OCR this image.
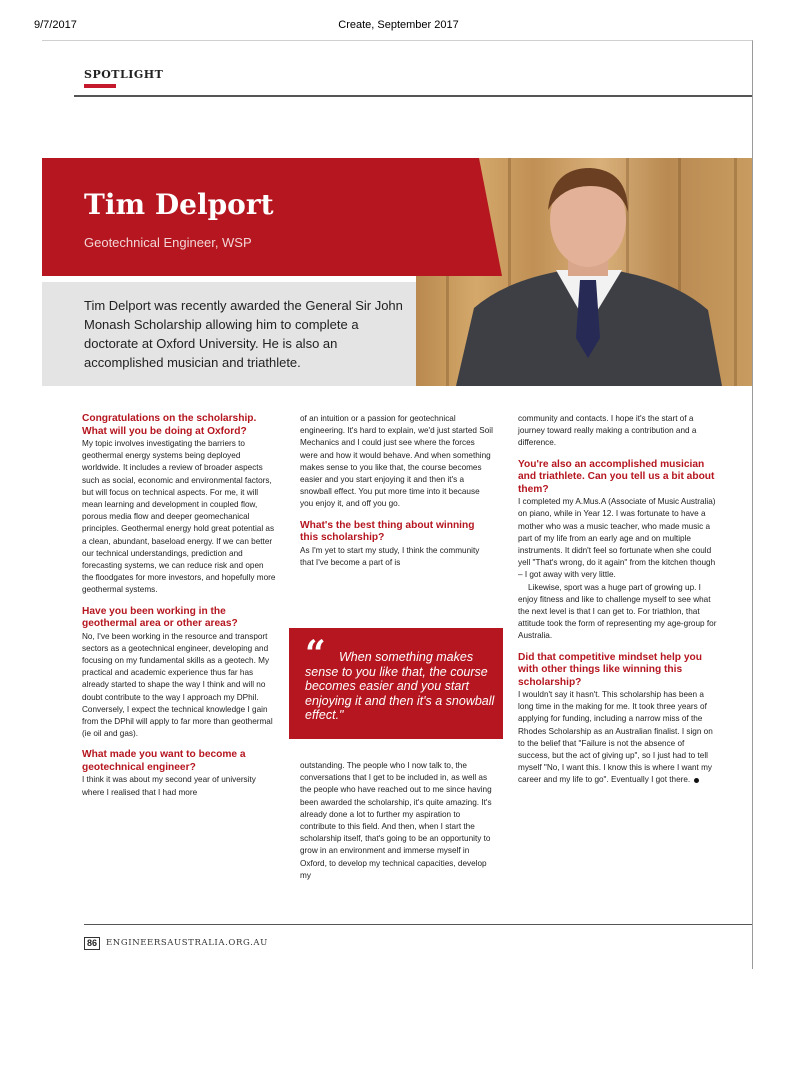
9/7/2017	Create, September 2017
SPOTLIGHT
Tim Delport
Geotechnical Engineer, WSP
Tim Delport was recently awarded the General Sir John Monash Scholarship allowing him to complete a doctorate at Oxford University. He is also an accomplished musician and triathlete.
Congratulations on the scholarship. What will you be doing at Oxford?

My topic involves investigating the barriers to geothermal energy systems being deployed worldwide. It includes a review of broader aspects such as social, economic and environmental factors, but will focus on technical aspects. For me, it will mean learning and development in coupled flow, porous media flow and deeper geomechanical principles. Geothermal energy hold great potential as a clean, abundant, baseload energy. If we can better our technical understandings, prediction and forecasting systems, we can reduce risk and open the floodgates for more investors, and hopefully more geothermal systems.

Have you been working in the geothermal area or other areas?

No, I've been working in the resource and transport sectors as a geotechnical engineer, developing and focusing on my fundamental skills as a geotech. My practical and academic experience thus far has already started to shape the way I think and will no doubt contribute to the way I approach my DPhil. Conversely, I expect the technical knowledge I gain from the DPhil will apply to far more than geothermal (ie oil and gas).

What made you want to become a geotechnical engineer?

I think it was about my second year of university where I realised that I had more

of an intuition or a passion for geotechnical engineering. It's hard to explain, we'd just started Soil Mechanics and I could just see where the forces were and how it would behave. And when something makes sense to you like that, the course becomes easier and you start enjoying it and then it's a snowball effect. You put more time into it because you enjoy it, and off you go.

What's the best thing about winning this scholarship?

As I'm yet to start my study, I think the community that I've become a part of is

“	When something makes sense to you like that, the course becomes easier and you start enjoying it and then it's a snowball effect."

outstanding. The people who I now talk to, the conversations that I get to be included in, as well as the people who have reached out to me since having been awarded the scholarship, it's quite amazing. It's already done a lot to further my aspiration to contribute to this field. And then, when I start the scholarship itself, that's going to be an opportunity to grow in an environment and immerse myself in Oxford, to develop my technical capacities, develop my

community and contacts. I hope it's the start of a journey toward really making a contribution and a difference.

You're also an accomplished musician and triathlete. Can you tell us a bit about them?

I completed my A.Mus.A (Associate of Music Australia) on piano, while in Year 12. I was fortunate to have a mother who was a music teacher, who made music a part of my life from an early age and on multiple instruments. It didn't feel so fortunate when she could yell "That's wrong, do it again" from the kitchen though – I got away with very little.

Likewise, sport was a huge part of growing up. I enjoy fitness and like to challenge myself to see what the next level is that I can get to. For triathlon, that attitude took the form of representing my age-group for Australia.

Did that competitive mindset help you with other things like winning this scholarship?

I wouldn't say it hasn't. This scholarship has been a long time in the making for me. It took three years of applying for funding, including a narrow miss of the Rhodes Scholarship as an Australian finalist. I sign on to the belief that "Failure is not the absence of success, but the act of giving up", so I just had to tell myself "No, I want this. I know this is where I want my career and my life to go". Eventually I got there.

86	ENGINEERSAUSTRALIA.ORG.AU
